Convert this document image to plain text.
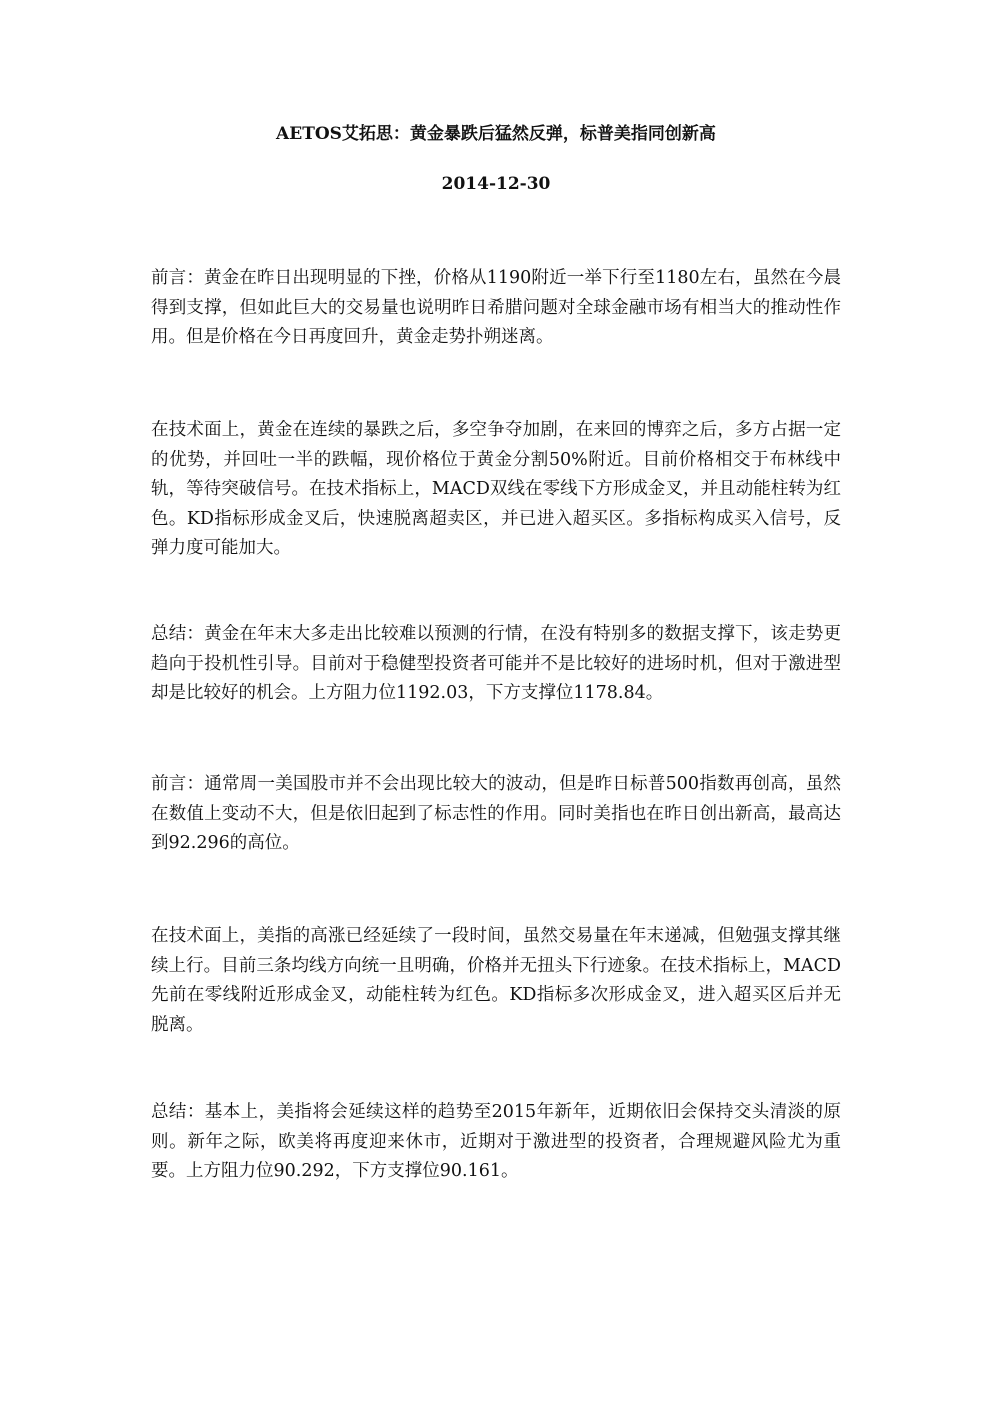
AETOS艾拓思：黄金暴跌后猛然反弹，标普美指同创新高
2014-12-30

前言：黄金在昨日出现明显的下挫，价格从1190附近一举下行至1180左右，虽然在今晨得到支撑，但如此巨大的交易量也说明昨日希腊问题对全球金融市场有相当大的推动性作用。但是价格在今日再度回升，黄金走势扑朔迷离。

在技术面上，黄金在连续的暴跌之后，多空争夺加剧，在来回的博弈之后，多方占据一定的优势，并回吐一半的跌幅，现价格位于黄金分割50%附近。目前价格相交于布林线中轨，等待突破信号。在技术指标上，MACD双线在零线下方形成金叉，并且动能柱转为红色。KD指标形成金叉后，快速脱离超卖区，并已进入超买区。多指标构成买入信号，反弹力度可能加大。

总结：黄金在年末大多走出比较难以预测的行情，在没有特别多的数据支撑下，该走势更趋向于投机性引导。目前对于稳健型投资者可能并不是比较好的进场时机，但对于激进型却是比较好的机会。上方阻力位1192.03，下方支撑位1178.84。

前言：通常周一美国股市并不会出现比较大的波动，但是昨日标普500指数再创高，虽然在数值上变动不大，但是依旧起到了标志性的作用。同时美指也在昨日创出新高，最高达到92.296的高位。

在技术面上，美指的高涨已经延续了一段时间，虽然交易量在年末递减，但勉强支撑其继续上行。目前三条均线方向统一且明确，价格并无扭头下行迹象。在技术指标上，MACD先前在零线附近形成金叉，动能柱转为红色。KD指标多次形成金叉，进入超买区后并无脱离。

总结：基本上，美指将会延续这样的趋势至2015年新年，近期依旧会保持交头清淡的原则。新年之际，欧美将再度迎来休市，近期对于激进型的投资者，合理规避风险尤为重要。上方阻力位90.292，下方支撑位90.161。
